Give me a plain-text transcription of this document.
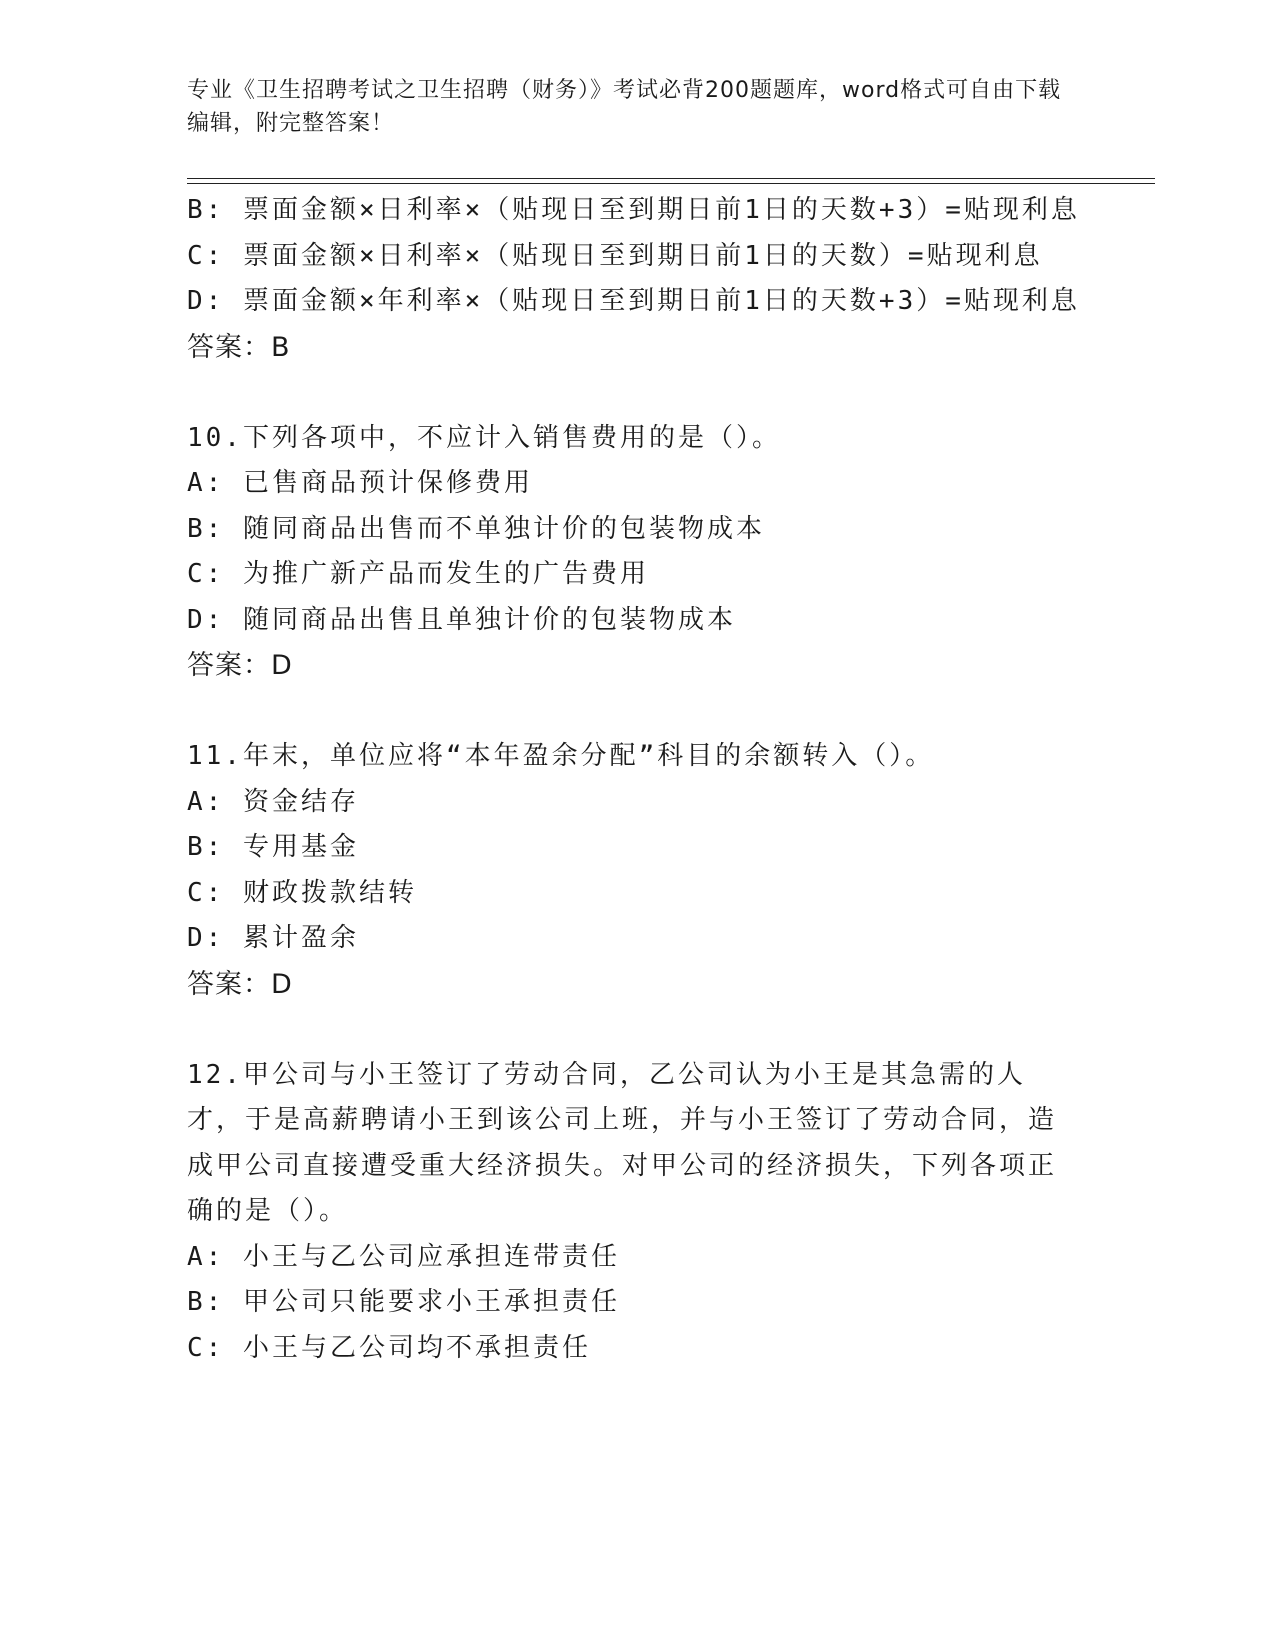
专业《卫生招聘考试之卫生招聘（财务）》考试必背200题题库，word格式可自由下载编辑，附完整答案！
B: 票面金额×日利率×（贴现日至到期日前1日的天数+3）=贴现利息
C: 票面金额×日利率×（贴现日至到期日前1日的天数）=贴现利息
D: 票面金额×年利率×（贴现日至到期日前1日的天数+3）=贴现利息
答案：B
10.下列各项中，不应计入销售费用的是（）。
A: 已售商品预计保修费用
B: 随同商品出售而不单独计价的包装物成本
C: 为推广新产品而发生的广告费用
D: 随同商品出售且单独计价的包装物成本
答案：D
11.年末，单位应将“本年盈余分配”科目的余额转入（）。
A: 资金结存
B: 专用基金
C: 财政拨款结转
D: 累计盈余
答案：D
12.甲公司与小王签订了劳动合同，乙公司认为小王是其急需的人才，于是高薪聘请小王到该公司上班，并与小王签订了劳动合同，造成甲公司直接遭受重大经济损失。对甲公司的经济损失，下列各项正确的是（）。
A: 小王与乙公司应承担连带责任
B: 甲公司只能要求小王承担责任
C: 小王与乙公司均不承担责任
